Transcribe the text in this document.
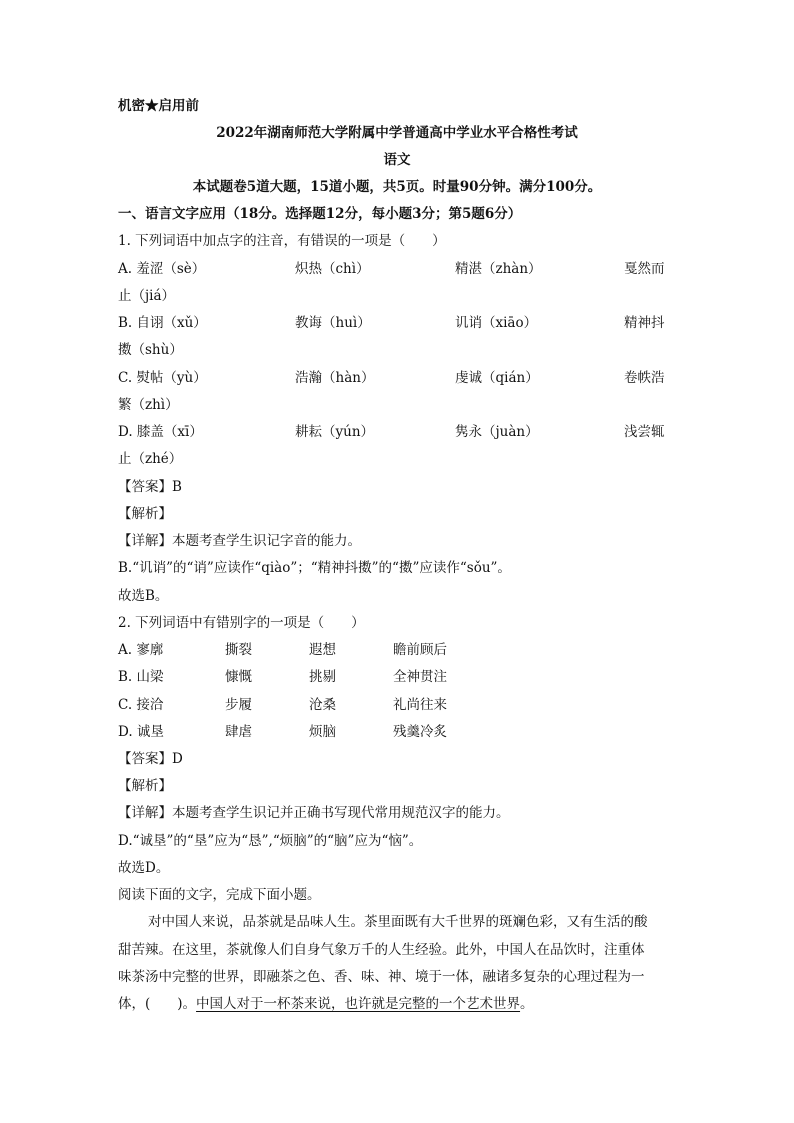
机密★启用前
2022年湖南师范大学附属中学普通高中学业水平合格性考试
语文
本试题卷5道大题，15道小题，共5页。时量90分钟。满分100分。
一、语言文字应用（18分。选择题12分，每小题3分；第5题6分）
1. 下列词语中加点字的注音，有错误的一项是（　　）
A. 羞涩（sè）	炽热（chì）	精湛（zhàn）	戛然而
止（jiá）
B. 自诩（xǔ）	教诲（huì）	讥诮（xiāo）	精神抖
擞（shù）
C. 熨帖（yù）	浩瀚（hàn）	虔诚（qián）	卷帙浩
繁（zhì）
D. 膝盖（xī）	耕耘（yún）	隽永（juàn）	浅尝辄
止（zhé）
【答案】B
【解析】
【详解】本题考查学生识记字音的能力。
B.“讥诮”的“诮”应读作“qiào”；“精神抖擞”的“擞”应读作“sǒu”。
故选B。
2. 下列词语中有错别字的一项是（　　）
A. 寥廓	撕裂	遐想	瞻前顾后
B. 山梁	慷慨	挑剔	全神贯注
C. 接洽	步履	沧桑	礼尚往来
D. 诚垦	肆虐	烦脑	残羹冷炙
【答案】D
【解析】
【详解】本题考查学生识记并正确书写现代常用规范汉字的能力。
D.“诚垦”的“垦”应为“恳”,“烦脑”的“脑”应为“恼”。
故选D。
阅读下面的文字，完成下面小题。
对中国人来说，品茶就是品味人生。茶里面既有大千世界的斑斓色彩，又有生活的酸
甜苦辣。在这里，茶就像人们自身气象万千的人生经验。此外，中国人在品饮时，注重体
味茶汤中完整的世界，即融茶之色、香、味、神、境于一体，融诸多复杂的心理过程为一
体，(　　)。中国人对于一杯茶来说，也许就是完整的一个艺术世界。
